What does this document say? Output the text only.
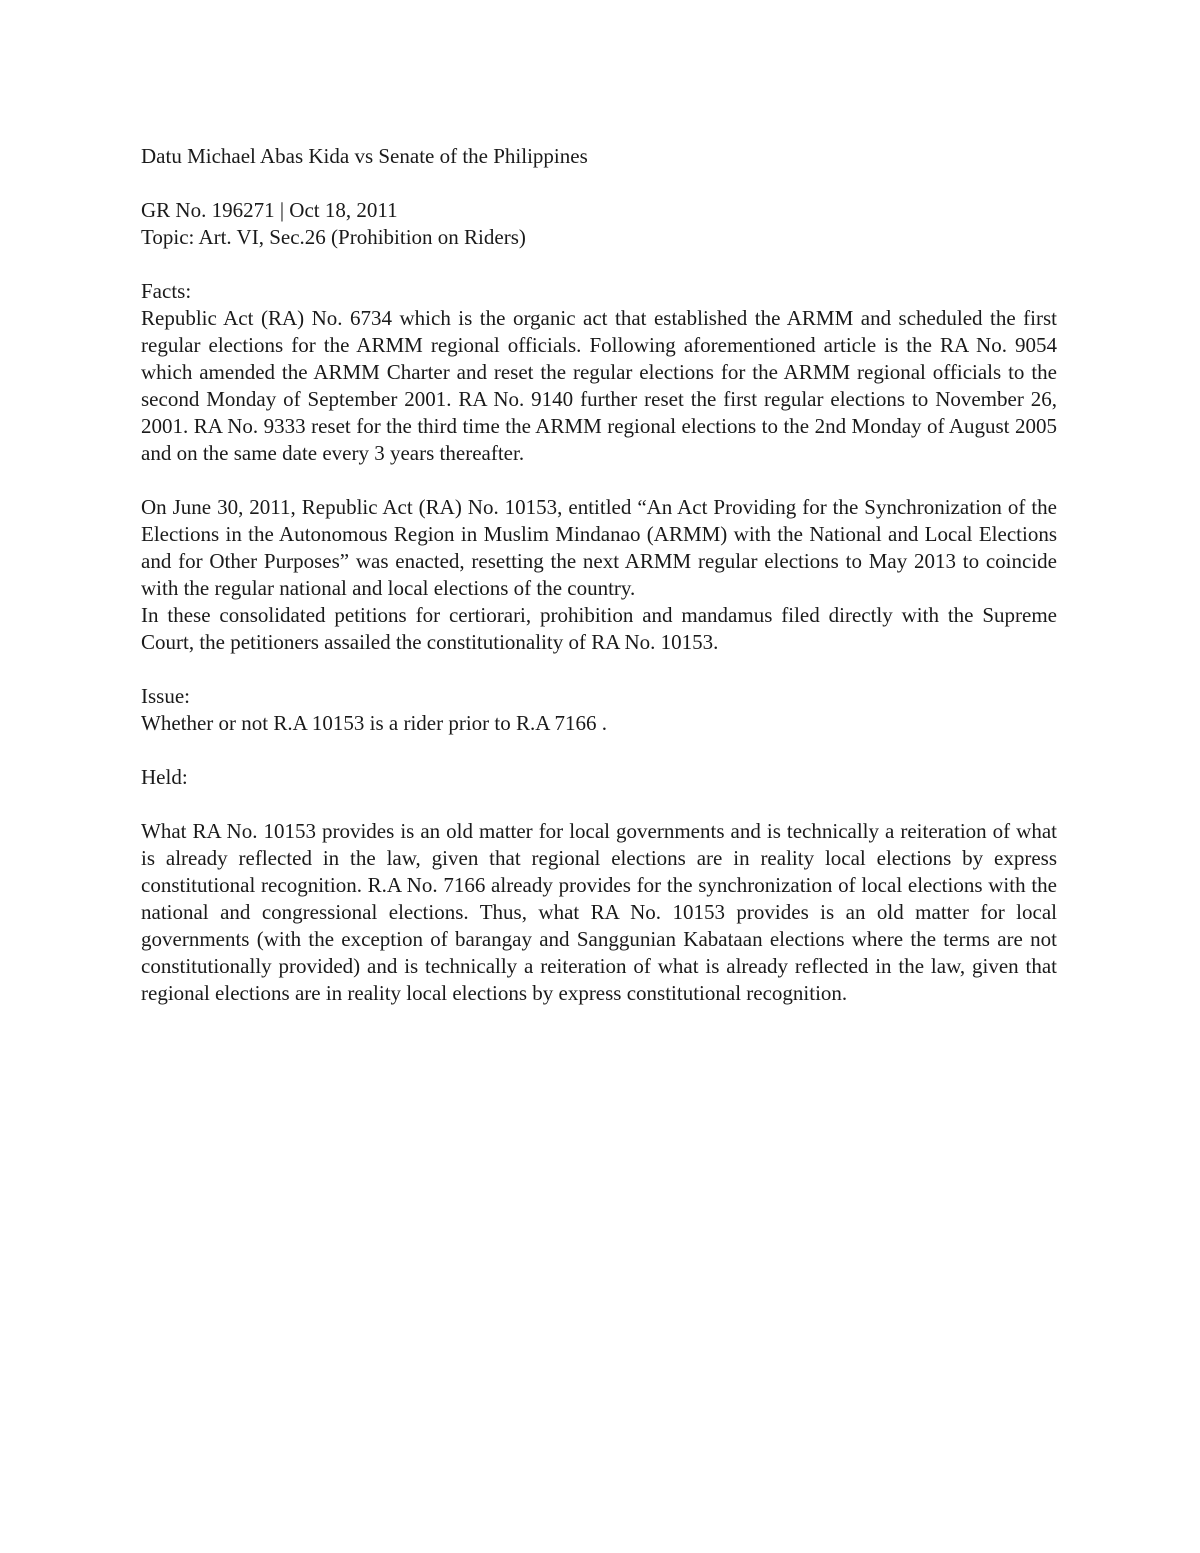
Datu Michael Abas Kida vs Senate of the Philippines

GR No. 196271 | Oct 18, 2011

Topic: Art. VI, Sec.26 (Prohibition on Riders)

Facts:

Republic Act (RA) No. 6734 which is the organic act that established the ARMM and scheduled the first regular elections for the ARMM regional officials. Following aforementioned article is the RA No. 9054 which amended the ARMM Charter and reset the regular elections for the ARMM regional officials to the second Monday of September 2001. RA No. 9140 further reset the first regular elections to November 26, 2001. RA No. 9333 reset for the third time the ARMM regional elections to the 2nd Monday of August 2005 and on the same date every 3 years thereafter.

On June 30, 2011, Republic Act (RA) No. 10153, entitled “An Act Providing for the Synchronization of the Elections in the Autonomous Region in Muslim Mindanao (ARMM) with the National and Local Elections and for Other Purposes” was enacted, resetting the next ARMM regular elections to May 2013 to coincide with the regular national and local elections of the country.

In these consolidated petitions for certiorari, prohibition and mandamus filed directly with the Supreme Court, the petitioners assailed the constitutionality of RA No. 10153.

Issue:

Whether or not R.A 10153 is a rider prior to R.A 7166 .

Held:

What RA No. 10153 provides is an old matter for local governments and is technically a reiteration of what is already reflected in the law, given that regional elections are in reality local elections by express constitutional recognition. R.A No. 7166 already provides for the synchronization of local elections with the national and congressional elections. Thus, what RA No. 10153 provides is an old matter for local governments (with the exception of barangay and Sanggunian Kabataan elections where the terms are not constitutionally provided) and is technically a reiteration of what is already reflected in the law, given that regional elections are in reality local elections by express constitutional recognition.
